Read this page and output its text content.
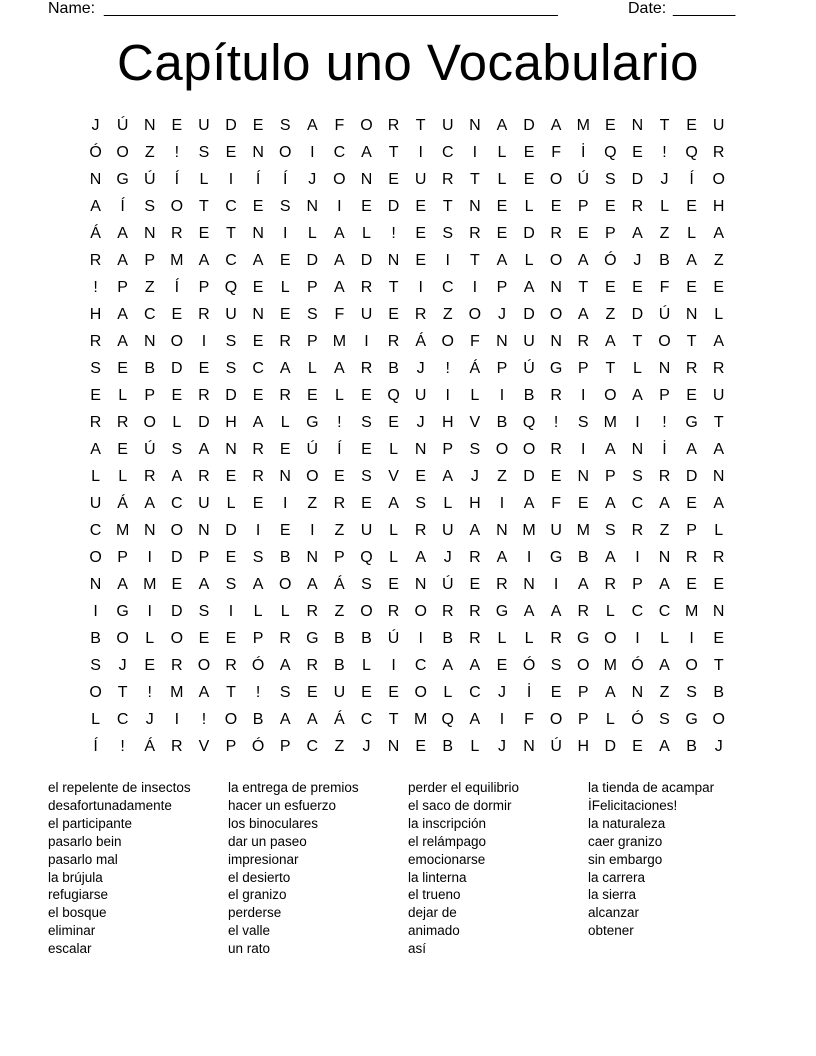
Name: ___________________________________________________	Date: _______
Capítulo uno Vocabulario
J	Ú N E U D E	S	A	F O R	T	U N A D A M E N	T	E U
Ó O Z	!	S	E N O	I	C A	T	I	C	I	L	E	F	İ	Q E	!	Q R
N G Ú	Í	L	I	Í	Í	J	O N E U R	T	L	E O Ú S D	J	Í	O
A	Í	S O T	C E	S N	I	E D E	T	N E	L	E	P	E R	L	E H
Á	A N R E	T	N	I	L	A	L	!	E	S R E D R E	P	A	Z	L	A
R A	P M A C A	E D A D N E	I	T	A	L	O A Ó	J	B	A	Z
!	P	Z	Í	P Q E	L	P	A R	T	I	C	I	P	A N	T	E	E	F	E	E
H A C E R U N E	S	F	U E R	Z O	J	D O A	Z	D Ú N	L
R A N O	I	S	E R P M	I	R Á O F	N U N R A	T O T	A
S	E	B D E	S C A	L	A R B	J	!	Á	P Ú G P	T	L	N R R
E	L	P	E R D E R E	L	E Q U	I	L	I	B R	I	O A	P	E U
R R O	L	D H A	L	G	!	S	E	J	H V	B Q	!	S M	I	!	G T
A	E Ú S	A N R E Ú	Í	E	L	N P	S O O R	I	A N	İ	A	A
L	L	R A R E R N O E	S	V	E	A	J	Z	D E N P	S R D N
U Á	A C U	L	E	I	Z	R E	A	S	L	H	I	A	F	E	A C A	E	A
C M N O N D	I	E	I	Z	U	L	R U A N M U M S R	Z	P	L
O P	I	D P	E	S	B N P Q	L	A	J	R A	I	G B	A	I	N R R
N A M E	A	S	A O A	Á	S	E N Ú E R N	I	A R P	A	E	E
I	G	I	D S	I	L	L	R	Z O R O R R G A	A R	L	C C M N
B O	L	O E	E	P R G B	B Ú	I	B R	L	L	R G O	I	L	I	E
S	J	E R O R Ó A R B	L	I	C A	A	E Ó S O M Ó A O T
O T	!	M A	T	!	S	E U E	E O	L	C	J	İ	E	P	A N	Z	S	B
L	C	J	I	!	O B	A	A	Á C	T M Q A	I	F O P	L	Ó S G O
Í	!	Á R V	P Ó P C	Z	J	N E	B	L	J	N Ú H D E	A	B	J
el repelente de insectos
desafortunadamente
el participante
pasarlo bein
pasarlo mal
la brújula
refugiarse
el bosque
eliminar
escalar
la entrega de premios
hacer un esfuerzo
los binoculares
dar un paseo
impresionar
el desierto
el granizo
perderse
el valle
un rato
perder el equilibrio
el saco de dormir
la inscripción
el relámpago
emocionarse
la linterna
el trueno
dejar de
animado
así
la tienda de acampar
İFelicitaciones!
la naturaleza
caer granizo
sin embargo
la carrera
la sierra
alcanzar
obtener
